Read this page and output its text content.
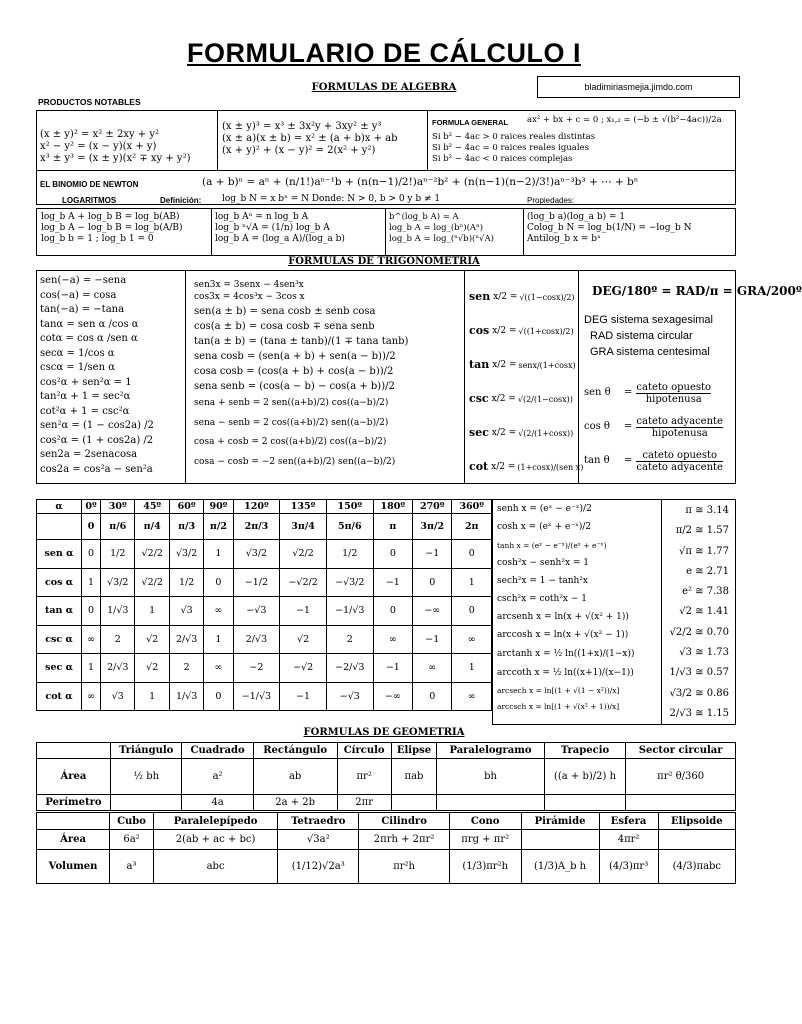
FORMULARIO DE CÁLCULO I
FORMULAS DE ALGEBRA	bladimiriasmejia.jimdo.com
PRODUCTOS NOTABLES

(x ± y)² = x² ± 2xy + y²

x² − y² = (x − y)(x + y)

x³ ± y³ = (x ± y)(x² ∓ xy + y²)

(x ± y)³ = x³ ± 3x²y + 3xy² ± y³

(x ± a)(x ± b) = x² ± (a + b)x + ab

(x + y)² + (x − y)² = 2(x² + y²)

FORMULA GENERAL ax² + bx + c = 0 ; x₁,₂ = (−b ± √(b²−4ac))/2a

Si b² − 4ac > 0 raices reales distintas

Si b² − 4ac = 0 raices reales iguales

Si b² − 4ac < 0 raices complejas

EL BINOMIO DE NEWTON	(a + b)ⁿ = aⁿ + (n/1!)aⁿ⁻¹b + (n(n−1)/2!)aⁿ⁻²b² + (n(n−1)(n−2)/3!)aⁿ⁻³b³ + ⋯ + bⁿ
LOGARITMOS	Definición: log_b N = x bˣ = N Donde: N > 0, b > 0 y b ≠ 1	Propiedades:

log_b A + log_b B = log_b(AB)

log_b A − log_b B = log_b(A/B)

log_b b = 1 ; log_b 1 = 0

log_b Aⁿ = n log_b A

log_b ⁿ√A = (1/n) log_b A

log_b A = (log_a A)/(log_a b)

b^(log_b A) = A

log_b A = log_(bⁿ)(Aⁿ)

log_b A = log_(ⁿ√b)(ⁿ√A)

(log_b a)(log_a b) = 1

Colog_b N = log_b(1/N) = −log_b N

Antilog_b x = bˣ

FORMULAS DE TRIGONOMETRIA

sen(−a) = −sena

cos(−a) = cosa

tan(−a) = −tana

tanα = sen α /cos α

cotα = cos α /sen α

secα = 1/cos α

cscα = 1/sen α

cos²α + sen²α = 1

tan²α + 1 = sec²α

cot²α + 1 = csc²α

sen²α = (1 − cos2a) /2

cos²α = (1 + cos2a) /2

sen2a = 2senacosa

cos2a = cos²a − sen²a

sen3x = 3senx − 4sen³x

cos3x = 4cos³x − 3cos x

sen(a ± b) = sena cosb ± senb cosa

cos(a ± b) = cosa cosb ∓ sena senb

tan(a ± b) = (tana ± tanb)/(1 ∓ tana tanb)

sena cosb = (sen(a + b) + sen(a − b))/2

cosa cosb = (cos(a + b) + cos(a − b))/2

sena senb = (cos(a − b) − cos(a + b))/2

sena + senb = 2 sen((a+b)/2) cos((a−b)/2)

sena − senb = 2 cos((a+b)/2) sen((a−b)/2)

cosa + cosb = 2 cos((a+b)/2) cos((a−b)/2)

cosa − cosb = −2 sen((a+b)/2) sen((a−b)/2)

sen x/2 = √((1−cosx)/2)
cos x/2 = √((1+cosx)/2)
tan x/2 = senx/(1+cosx)
csc x/2 = √(2/(1−cosx))
sec x/2 = √(2/(1+cosx))
cot x/2 = (1+cosx)/(sen x)
DEG/180º = RAD/π = GRA/200º

DEG sistema sexagesimal

RAD sistema circular

GRA sistema centesimal

sen θ	= cateto opuesto
hipotenusa
cos θ	= cateto adyacente
hipotenusa
tan θ	= cateto opuesto
cateto adyacente
α	0º	30º	45º	60º	90º	120º	135º	150º	180º	270º	360º
	0	π/6	π/4	π/3	π/2	2π/3	3π/4	5π/6	π	3π/2	2π
sen α	0	1/2	√2/2	√3/2	1	√3/2	√2/2	1/2	0	−1	0
cos α	1	√3/2	√2/2	1/2	0	−1/2	−√2/2	−√3/2	−1	0	1
tan α	0	1/√3	1	√3	∞	−√3	−1	−1/√3	0	−∞	0
csc α	∞	2	√2	2/√3	1	2/√3	√2	2	∞	−1	∞
sec α	1	2/√3	√2	2	∞	−2	−√2	−2/√3	−1	∞	1
cot α	∞	√3	1	1/√3	0	−1/√3	−1	−√3	−∞	0	∞

senh x = (eˣ − e⁻ˣ)/2

cosh x = (eˣ + e⁻ˣ)/2

tanh x = (eˣ − e⁻ˣ)/(eˣ + e⁻ˣ)

cosh²x − senh²x = 1

sech²x = 1 − tanh²x

csch²x = coth²x − 1

arcsenh x = ln(x + √(x² + 1))

arccosh x = ln(x + √(x² − 1))

arctanh x = ½ ln((1+x)/(1−x))

arccoth x = ½ ln((x+1)/(x−1))

arcsech x = ln[(1 + √(1 − x²))/x]

arccsch x = ln[(1 + √(x² + 1))/x]

π ≅ 3.14

π/2 ≅ 1.57

√π ≅ 1.77

e ≅ 2.71

e² ≅ 7.38

√2 ≅ 1.41

√2/2 ≅ 0.70

√3 ≅ 1.73

1/√3 ≅ 0.57

√3/2 ≅ 0.86

2/√3 ≅ 1.15

FORMULAS DE GEOMETRIA
	Triángulo	Cuadrado	Rectángulo	Círculo	Elipse	Paralelogramo	Trapecio	Sector circular
Área	½ bh	a²	ab	πr²	πab	bh	((a + b)/2) h	πr² θ/360
Perímetro		4a	2a + 2b	2πr				
	Cubo	Paralelepípedo	Tetraedro	Cilindro	Cono	Pirámide	Esfera	Elipsoide
Área	6a²	2(ab + ac + bc)	√3a²	2πrh + 2πr²	πrg + πr²		4πr²	
Volumen	a³	abc	(1/12)√2a³	πr²h	(1/3)πr²h	(1/3)A_b h	(4/3)πr³	(4/3)πabc
